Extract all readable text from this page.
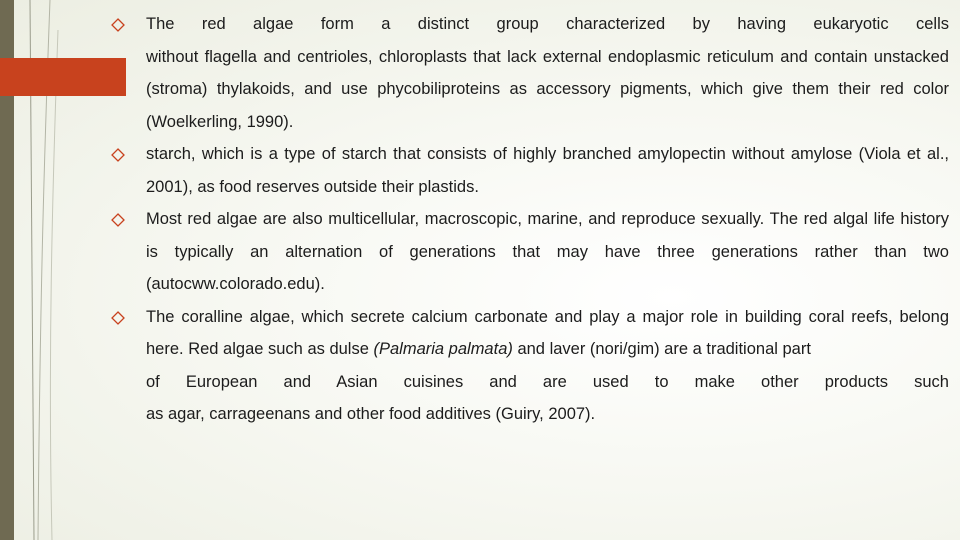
The red algae form a distinct group characterized by having eukaryotic cells
without flagella and centrioles, chloroplasts that lack external endoplasmic reticulum and contain unstacked (stroma) thylakoids, and use phycobiliproteins as accessory pigments, which give them their red color (Woelkerling, 1990).
starch, which is a type of starch that consists of highly branched amylopectin without amylose (Viola et al., 2001), as food reserves outside their plastids.
Most red algae are also multicellular, macroscopic, marine, and reproduce sexually. The red algal life history is typically an alternation of generations that may have three generations rather than two (autocww.colorado.edu).
The coralline algae, which secrete calcium carbonate and play a major role in building coral reefs, belong here. Red algae such as dulse (Palmaria palmata) and laver (nori/gim) are a traditional part
of European and Asian cuisines and are used to make other products such
as agar, carrageenans and other food additives (Guiry, 2007).
